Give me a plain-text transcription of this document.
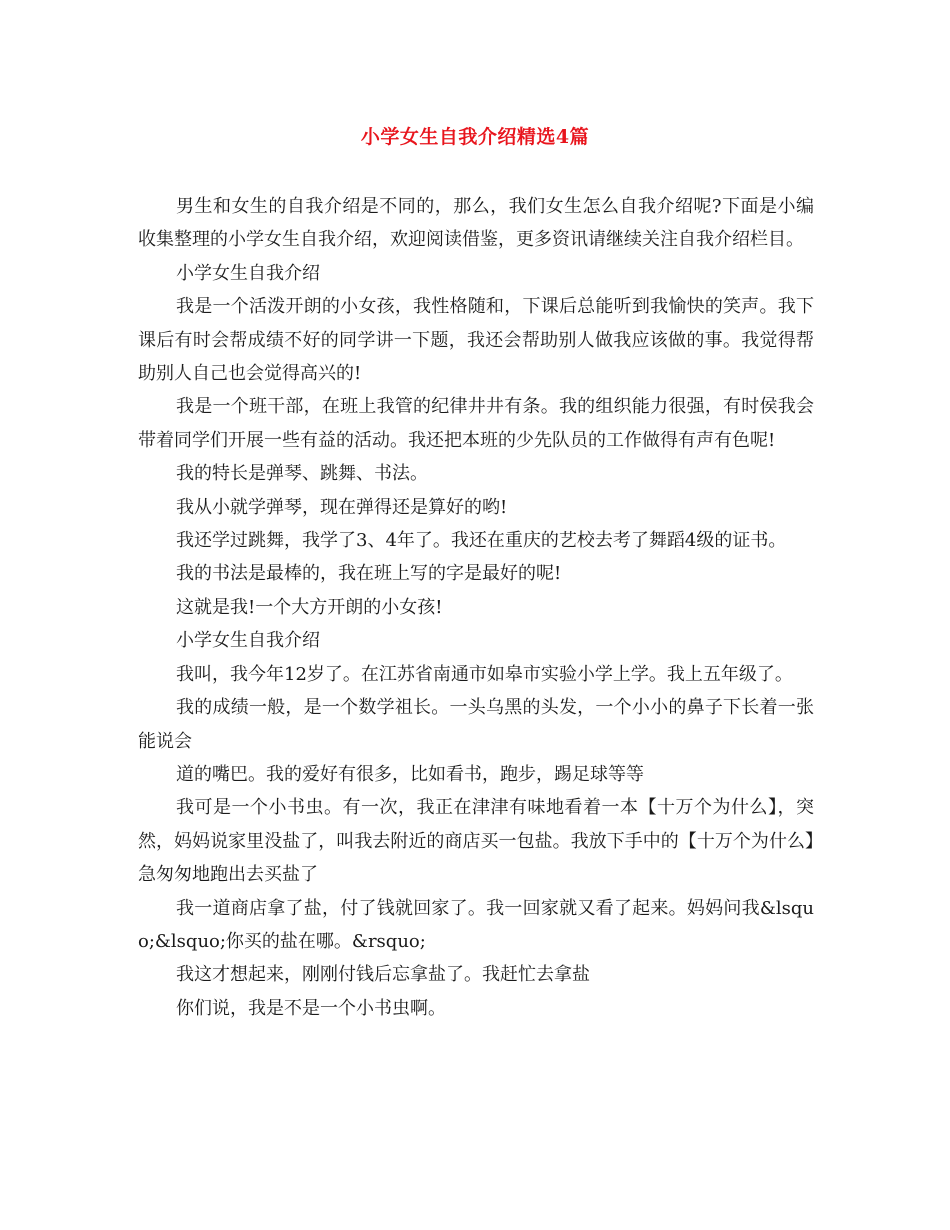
小学女生自我介绍精选4篇

男生和女生的自我介绍是不同的，那么，我们女生怎么自我介绍呢?下面是小编收集整理的小学女生自我介绍，欢迎阅读借鉴，更多资讯请继续关注自我介绍栏目。

小学女生自我介绍

我是一个活泼开朗的小女孩，我性格随和，下课后总能听到我愉快的笑声。我下课后有时会帮成绩不好的同学讲一下题，我还会帮助别人做我应该做的事。我觉得帮助别人自己也会觉得高兴的!

我是一个班干部，在班上我管的纪律井井有条。我的组织能力很强，有时侯我会带着同学们开展一些有益的活动。我还把本班的少先队员的工作做得有声有色呢!

我的特长是弹琴、跳舞、书法。

我从小就学弹琴，现在弹得还是算好的哟!

我还学过跳舞，我学了3、4年了。我还在重庆的艺校去考了舞蹈4级的证书。

我的书法是最棒的，我在班上写的字是最好的呢!

这就是我!一个大方开朗的小女孩!

小学女生自我介绍

我叫，我今年12岁了。在江苏省南通市如皋市实验小学上学。我上五年级了。

我的成绩一般，是一个数学祖长。一头乌黑的头发，一个小小的鼻子下长着一张能说会

道的嘴巴。我的爱好有很多，比如看书，跑步，踢足球等等

我可是一个小书虫。有一次，我正在津津有味地看着一本【十万个为什么】，突然，妈妈说家里没盐了，叫我去附近的商店买一包盐。我放下手中的【十万个为什么】急匆匆地跑出去买盐了

我一道商店拿了盐，付了钱就回家了。我一回家就又看了起来。妈妈问我&lsquo;&lsquo;你买的盐在哪。&rsquo;

我这才想起来，刚刚付钱后忘拿盐了。我赶忙去拿盐

你们说，我是不是一个小书虫啊。
